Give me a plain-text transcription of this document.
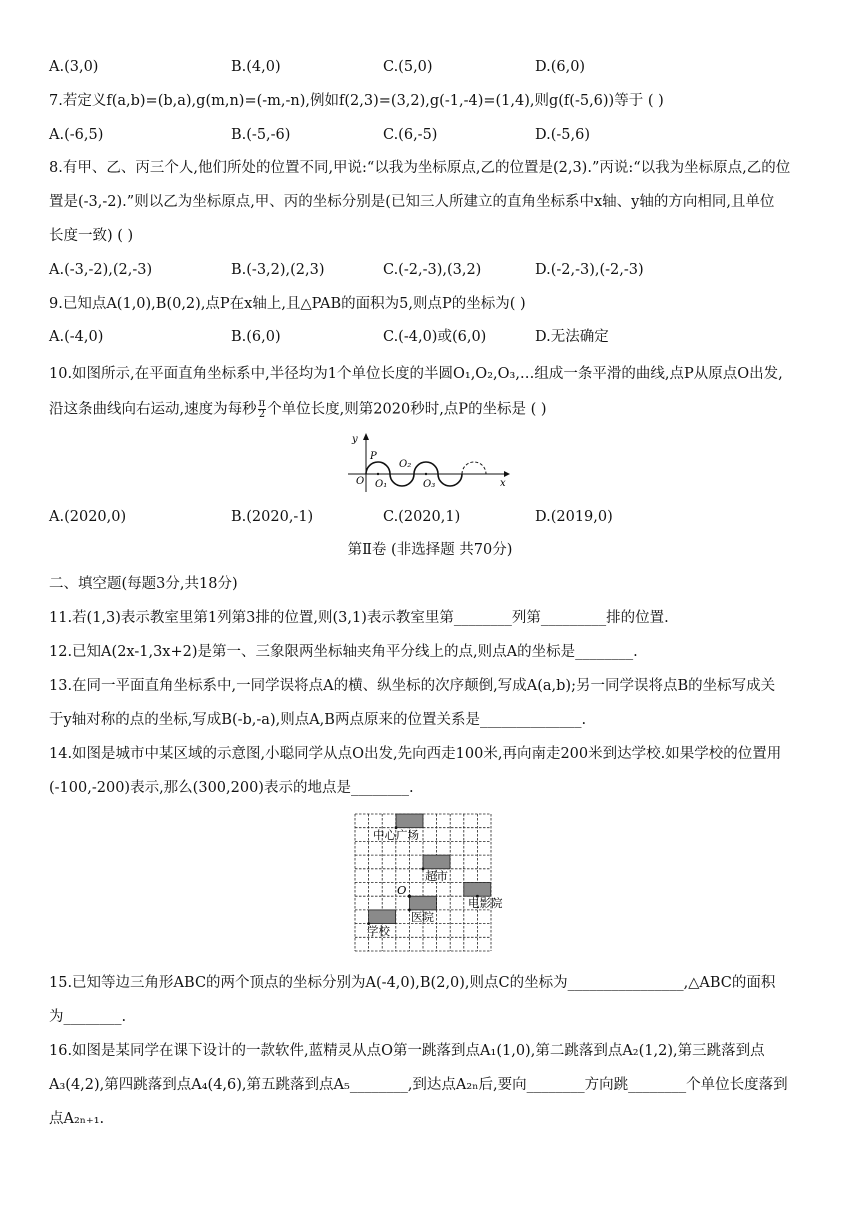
A.(3,0)	B.(4,0)	C.(5,0)	D.(6,0)
7.若定义f(a,b)=(b,a),g(m,n)=(-m,-n),例如f(2,3)=(3,2),g(-1,-4)=(1,4),则g(f(-5,6))等于 ( )
A.(-6,5)	B.(-5,-6)	C.(6,-5)	D.(-5,6)
8.有甲、乙、丙三个人,他们所处的位置不同,甲说:“以我为坐标原点,乙的位置是(2,3).”丙说:“以我为坐标原点,乙的位
置是(-3,-2).”则以乙为坐标原点,甲、丙的坐标分别是(已知三人所建立的直角坐标系中x轴、y轴的方向相同,且单位
长度一致) ( )
A.(-3,-2),(2,-3)	B.(-3,2),(2,3)	C.(-2,-3),(3,2)	D.(-2,-3),(-2,-3)
9.已知点A(1,0),B(0,2),点P在x轴上,且△PAB的面积为5,则点P的坐标为( )
A.(-4,0)	B.(6,0)	C.(-4,0)或(6,0)	D.无法确定
10.如图所示,在平面直角坐标系中,半径均为1个单位长度的半圆O₁,O₂,O₃,…组成一条平滑的曲线,点P从原点O出发,
沿这条曲线向右运动,速度为每秒 $\frac{\pi}{2}$ 个单位长度,则第2020秒时,点P的坐标是 ( )
y
P
O O₁
O₂
O₃	x
A.(2020,0)	B.(2020,-1)	C.(2020,1)	D.(2019,0)
第Ⅱ卷 (非选择题 共70分)
二、填空题(每题3分,共18分)
11.若(1,3)表示教室里第1列第3排的位置,则(3,1)表示教室里第________列第_________排的位置.
12.已知A(2x-1,3x+2)是第一、三象限两坐标轴夹角平分线上的点,则点A的坐标是________.
13.在同一平面直角坐标系中,一同学误将点A的横、纵坐标的次序颠倒,写成A(a,b);另一同学误将点B的坐标写成关
于y轴对称的点的坐标,写成B(-b,-a),则点A,B两点原来的位置关系是______________.
14.如图是城市中某区域的示意图,小聪同学从点O出发,先向西走100米,再向南走200米到达学校.如果学校的位置用
(-100,-200)表示,那么(300,200)表示的地点是________.
中心广场
超市
O
电影院
医院
学校
15.已知等边三角形ABC的两个顶点的坐标分别为A(-4,0),B(2,0),则点C的坐标为________________,△ABC的面积
为________.
16.如图是某同学在课下设计的一款软件,蓝精灵从点O第一跳落到点A₁(1,0),第二跳落到点A₂(1,2),第三跳落到点
A₃(4,2),第四跳落到点A₄(4,6),第五跳落到点A₅________,到达点A₂ₙ后,要向________方向跳________个单位长度落到
点A₂ₙ₊₁.
